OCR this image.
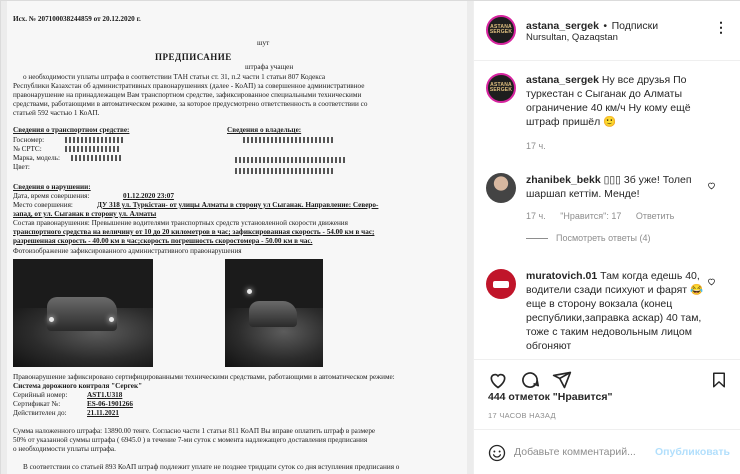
Исх. № 207100038244859 от 20.12.2020 г.
шут
ПРЕДПИСАНИЕ
штрафа учащен
о необходимости уплаты штрафа в соответствии ТАН статьи ст. 31, п.2 части 1 статьи 807 Кодекса
Республики Казахстан об административных правонарушениях (далее - КоАП) за совершенное административное
правонарушение на принадлежащем Вам транспортном средстве, зафиксированное специальными техническими
средствами, работающими в автоматическом режиме, за которое предусмотрено ответственность в соответствии со
статьей 592 частью 1 КоАП.
Сведения о транспортном средстве:	Сведения о владельце:
Госномер:
№ СРТС:
Марка, модель:
Цвет:
Сведения о нарушении:
Дата, время совершения:	01.12.2020 23:07
Место совершения:	ДУ 318 ул. Туркістан- от улицы Алматы в сторону ул Сыганак. Направление: Северо-
запад, от ул. Сыганак в сторону ул. Алматы
Состав правонарушения: Превышение водителями транспортных средств установленной скорости движения
транспортного средства на величину от 10 до 20 километров в час; зафиксированная скорость - 54.00 км в час;
разрешенная скорость - 40.00 км в час;скорость погрешность скоростомера - 50.00 км в час.
Фотоизображение зафиксированного административного правонарушения
Правонарушение зафиксировано сертифицированными техническими средствами, работающими в автоматическом режиме:
Система дорожного контроля "Сергек"
Серийный номер:	АST1.U318
Сертификат №:	ES-06-1901266
Действителен до:	21.11.2021
Сумма наложенного штрафа: 13890.00 тенге. Согласно части 1 статьи 811 КоАП Вы вправе оплатить штраф в размере
50% от указанной суммы штрафа ( 6945.0 ) в течение 7-ми суток с момента надлежащего доставления предписания
о необходимости уплаты штрафа.
В соответствии со статьей 893 КоАП штраф подлежит уплате не позднее тридцати суток со дня вступления предписания о
ASTANA SERGEK astana_sergek • Подписки
Nursultan, Qazaqstan
⋮
ASTANA SERGEK
astana_sergek Ну все друзья По туркестан с Сыганак до Алматы ограничение 40 км/ч Ну кому ещё штраф пришёл 🙂
17 ч.
zhanibek_bekk ▯▯▯ 3б уже! Толеп шаршап кеттім. Менде!
17 ч. "Нравится": 17 Ответить
Посмотреть ответы (4)
muratovich.01 Там когда едешь 40, водители сзади псиxуют и фарят 😂 еще в сторону вокзала (конец республики,заправка аскар) 40 там, тоже с таким недовольным лицом обгоняют
444 отметок "Нравится"
17 ЧАСОВ НАЗАД
Добавьте комментарий... Опубликовать
